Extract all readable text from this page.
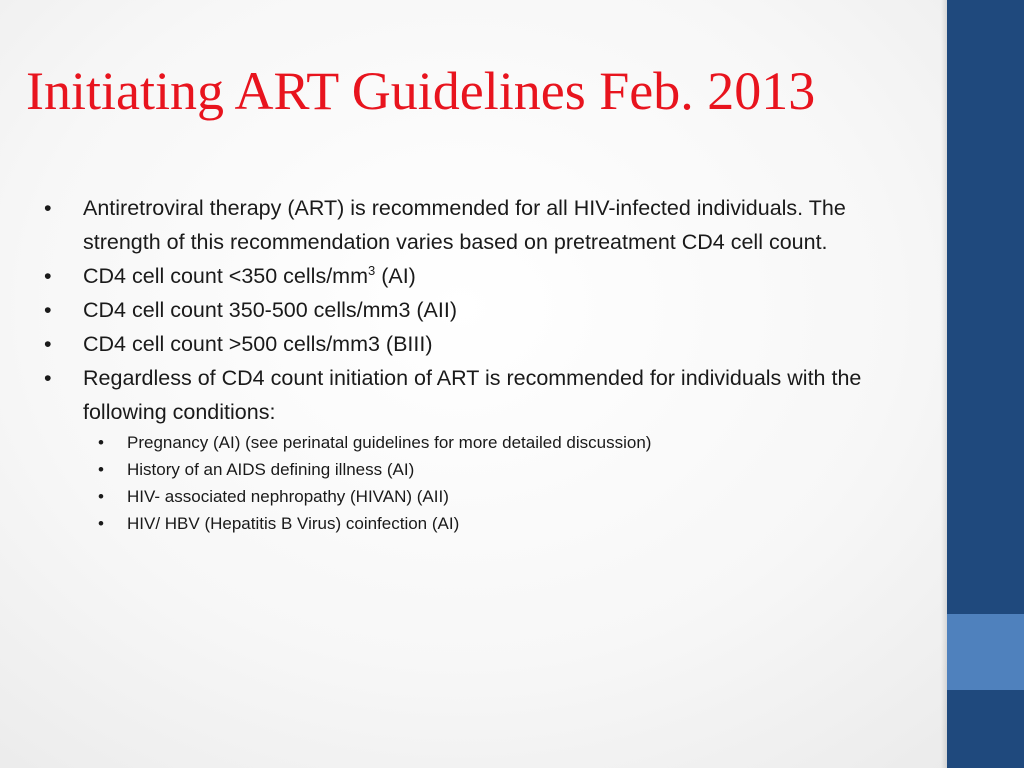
Initiating ART Guidelines Feb. 2013
•	Antiretroviral therapy (ART) is recommended for all HIV-infected individuals. The strength of this recommendation varies based on pretreatment CD4 cell count.
•	CD4 cell count <350 cells/$mm^3$ (AI)
•	CD4 cell count 350-500 cells/mm3 (AII)
•	CD4 cell count >500 cells/mm3 (BIII)
•	Regardless of CD4 count initiation of ART is recommended for individuals with the following conditions:
•	Pregnancy (AI) (see perinatal guidelines for more detailed discussion)
•	History of an AIDS defining illness (AI)
•	HIV- associated nephropathy (HIVAN) (AII)
•	HIV/ HBV (Hepatitis B Virus) coinfection (AI)
